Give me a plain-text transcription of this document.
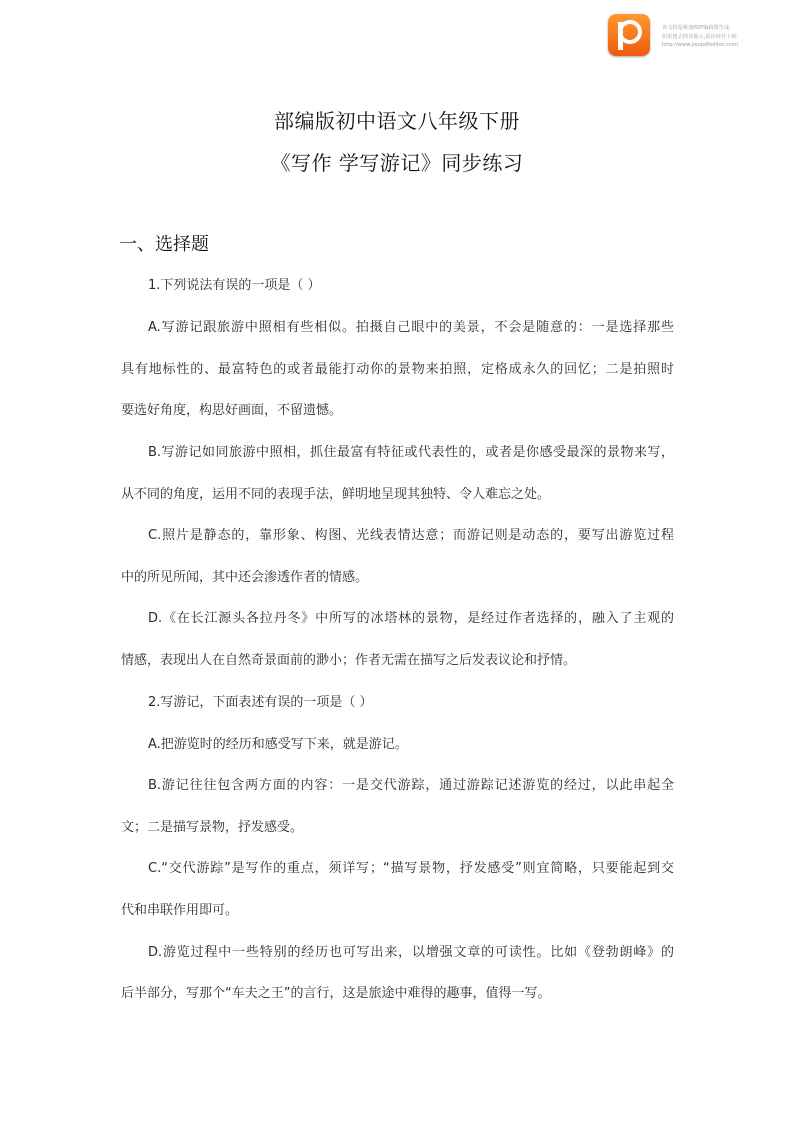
该文档是极速PDF编辑器生成,
如果想去掉该提示,请访问并下载:
http://www.jisupdfeditor.com/
部编版初中语文八年级下册
《写作 学写游记》同步练习
一、选择题
1.下列说法有误的一项是（ ）
A.写游记跟旅游中照相有些相似。拍摄自己眼中的美景，不会是随意的：一是选择那些
具有地标性的、最富特色的或者最能打动你的景物来拍照，定格成永久的回忆；二是拍照时
要选好角度，构思好画面，不留遗憾。
B.写游记如同旅游中照相，抓住最富有特征或代表性的，或者是你感受最深的景物来写，
从不同的角度，运用不同的表现手法，鲜明地呈现其独特、令人难忘之处。
C.照片是静态的，靠形象、构图、光线表情达意；而游记则是动态的，要写出游览过程
中的所见所闻，其中还会渗透作者的情感。
D.《在长江源头各拉丹冬》中所写的冰塔林的景物，是经过作者选择的，融入了主观的
情感，表现出人在自然奇景面前的渺小；作者无需在描写之后发表议论和抒情。
2.写游记，下面表述有误的一项是（ ）
A.把游览时的经历和感受写下来，就是游记。
B.游记往往包含两方面的内容：一是交代游踪，通过游踪记述游览的经过，以此串起全
文；二是描写景物，抒发感受。
C.“交代游踪”是写作的重点，须详写；“描写景物，抒发感受”则宜简略，只要能起到交
代和串联作用即可。
D.游览过程中一些特别的经历也可写出来，以增强文章的可读性。比如《登勃朗峰》的
后半部分，写那个“车夫之王”的言行，这是旅途中难得的趣事，值得一写。
